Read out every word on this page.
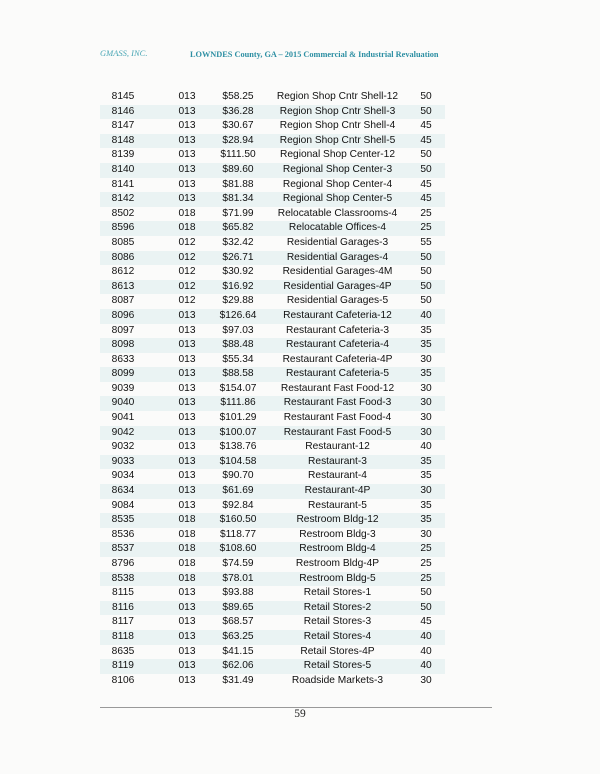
GMASS, INC.	LOWNDES County, GA – 2015 Commercial & Industrial Revaluation
8145	013	$58.25	Region Shop Cntr Shell-12	50
8146	013	$36.28	Region Shop Cntr Shell-3	50
8147	013	$30.67	Region Shop Cntr Shell-4	45
8148	013	$28.94	Region Shop Cntr Shell-5	45
8139	013	$111.50	Regional Shop Center-12	50
8140	013	$89.60	Regional Shop Center-3	50
8141	013	$81.88	Regional Shop Center-4	45
8142	013	$81.34	Regional Shop Center-5	45
8502	018	$71.99	Relocatable Classrooms-4	25
8596	018	$65.82	Relocatable Offices-4	25
8085	012	$32.42	Residential Garages-3	55
8086	012	$26.71	Residential Garages-4	50
8612	012	$30.92	Residential Garages-4M	50
8613	012	$16.92	Residential Garages-4P	50
8087	012	$29.88	Residential Garages-5	50
8096	013	$126.64	Restaurant Cafeteria-12	40
8097	013	$97.03	Restaurant Cafeteria-3	35
8098	013	$88.48	Restaurant Cafeteria-4	35
8633	013	$55.34	Restaurant Cafeteria-4P	30
8099	013	$88.58	Restaurant Cafeteria-5	35
9039	013	$154.07	Restaurant Fast Food-12	30
9040	013	$111.86	Restaurant Fast Food-3	30
9041	013	$101.29	Restaurant Fast Food-4	30
9042	013	$100.07	Restaurant Fast Food-5	30
9032	013	$138.76	Restaurant-12	40
9033	013	$104.58	Restaurant-3	35
9034	013	$90.70	Restaurant-4	35
8634	013	$61.69	Restaurant-4P	30
9084	013	$92.84	Restaurant-5	35
8535	018	$160.50	Restroom Bldg-12	35
8536	018	$118.77	Restroom Bldg-3	30
8537	018	$108.60	Restroom Bldg-4	25
8796	018	$74.59	Restroom Bldg-4P	25
8538	018	$78.01	Restroom Bldg-5	25
8115	013	$93.88	Retail Stores-1	50
8116	013	$89.65	Retail Stores-2	50
8117	013	$68.57	Retail Stores-3	45
8118	013	$63.25	Retail Stores-4	40
8635	013	$41.15	Retail Stores-4P	40
8119	013	$62.06	Retail Stores-5	40
8106	013	$31.49	Roadside Markets-3	30
59
